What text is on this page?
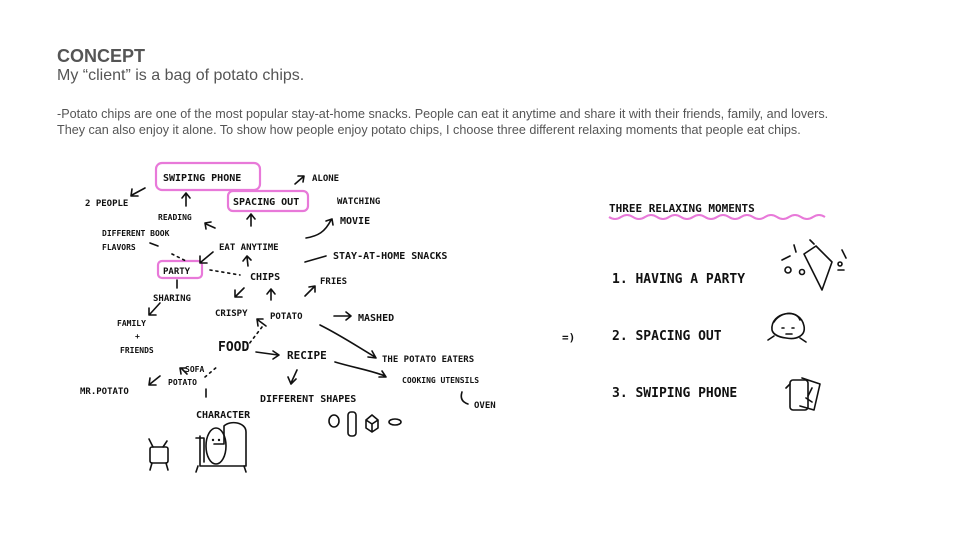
CONCEPT
My “client” is a bag of potato chips.

-Potato chips are one of the most popular stay-at-home snacks. People can eat it anytime and share it with their friends, family, and lovers.

They can also enjoy it alone. To show how people enjoy potato chips, I choose three different relaxing moments that people eat chips.

SWIPING PHONE	ALONE
2 PEOPLE	SPACING OUT	WATCHING
MOVIE
READING
DIFFERENT BOOK
FLAVORS	EAT ANYTIME
STAY-AT-HOME SNACKS
PARTY	CHIPS	FRIES
SHARING
CRISPY POTATO	MASHED
FAMILY
+
FRIENDS	FOOD
RECIPE	THE POTATO EATERS
SOFA
POTATO	COOKING UTENSILS
MR.POTATO
DIFFERENT SHAPES
OVEN
CHARACTER
=)
THREE RELAXING MOMENTS
1. HAVING A PARTY
2. SPACING OUT
3. SWIPING PHONE
